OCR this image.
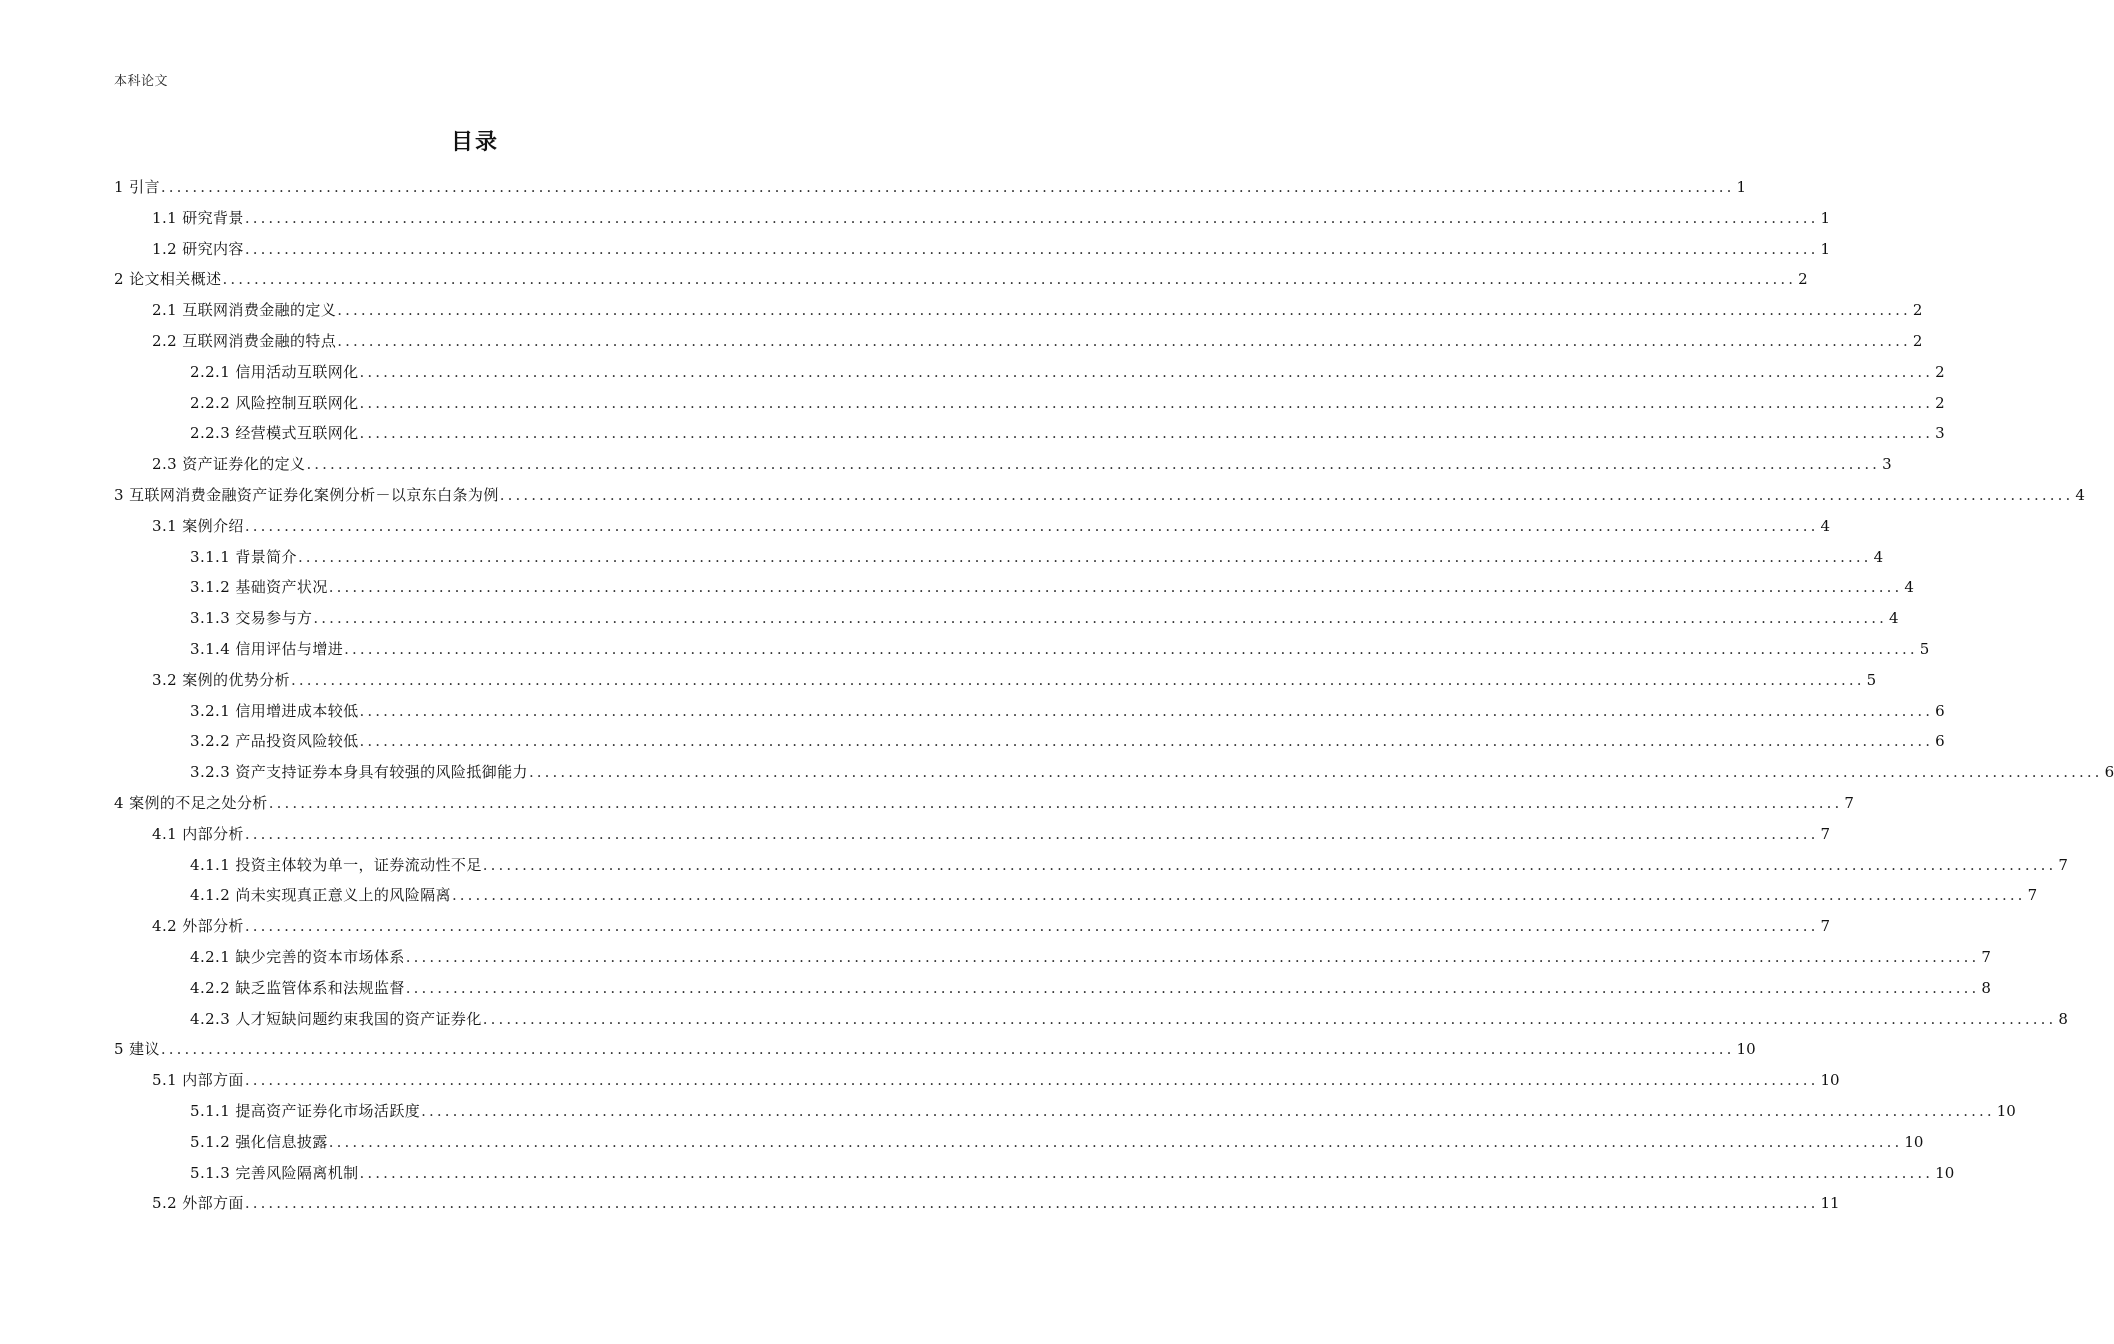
本科论文
目录
1 引言 ........................................................................................................................................................................................................ 1
1.1 研究背景 ........................................................................................................................................................................................................ 1
1.2 研究内容 ........................................................................................................................................................................................................ 1
2 论文相关概述 ........................................................................................................................................................................................................ 2
2.1 互联网消费金融的定义 ........................................................................................................................................................................................................ 2
2.2 互联网消费金融的特点 ........................................................................................................................................................................................................ 2
2.2.1 信用活动互联网化 ........................................................................................................................................................................................................ 2
2.2.2 风险控制互联网化 ........................................................................................................................................................................................................ 2
2.2.3 经营模式互联网化 ........................................................................................................................................................................................................ 3
2.3 资产证券化的定义 ........................................................................................................................................................................................................ 3
3 互联网消费金融资产证券化案例分析－以京东白条为例 ........................................................................................................................................................................................................ 4
3.1 案例介绍 ........................................................................................................................................................................................................ 4
3.1.1 背景简介 ........................................................................................................................................................................................................ 4
3.1.2 基础资产状况 ........................................................................................................................................................................................................ 4
3.1.3 交易参与方 ........................................................................................................................................................................................................ 4
3.1.4 信用评估与增进 ........................................................................................................................................................................................................ 5
3.2 案例的优势分析 ........................................................................................................................................................................................................ 5
3.2.1 信用增进成本较低 ........................................................................................................................................................................................................ 6
3.2.2 产品投资风险较低 ........................................................................................................................................................................................................ 6
3.2.3 资产支持证券本身具有较强的风险抵御能力 ........................................................................................................................................................................................................ 6
4 案例的不足之处分析 ........................................................................................................................................................................................................ 7
4.1 内部分析 ........................................................................................................................................................................................................ 7
4.1.1 投资主体较为单一，证券流动性不足 ........................................................................................................................................................................................................ 7
4.1.2 尚未实现真正意义上的风险隔离 ........................................................................................................................................................................................................ 7
4.2 外部分析 ........................................................................................................................................................................................................ 7
4.2.1 缺少完善的资本市场体系 ........................................................................................................................................................................................................ 7
4.2.2 缺乏监管体系和法规监督 ........................................................................................................................................................................................................ 8
4.2.3 人才短缺问题约束我国的资产证券化 ........................................................................................................................................................................................................ 8
5 建议 ........................................................................................................................................................................................................ 10
5.1 内部方面 ........................................................................................................................................................................................................ 10
5.1.1 提高资产证券化市场活跃度 ........................................................................................................................................................................................................ 10
5.1.2 强化信息披露 ........................................................................................................................................................................................................ 10
5.1.3 完善风险隔离机制 ........................................................................................................................................................................................................ 10
5.2 外部方面 ........................................................................................................................................................................................................ 11
